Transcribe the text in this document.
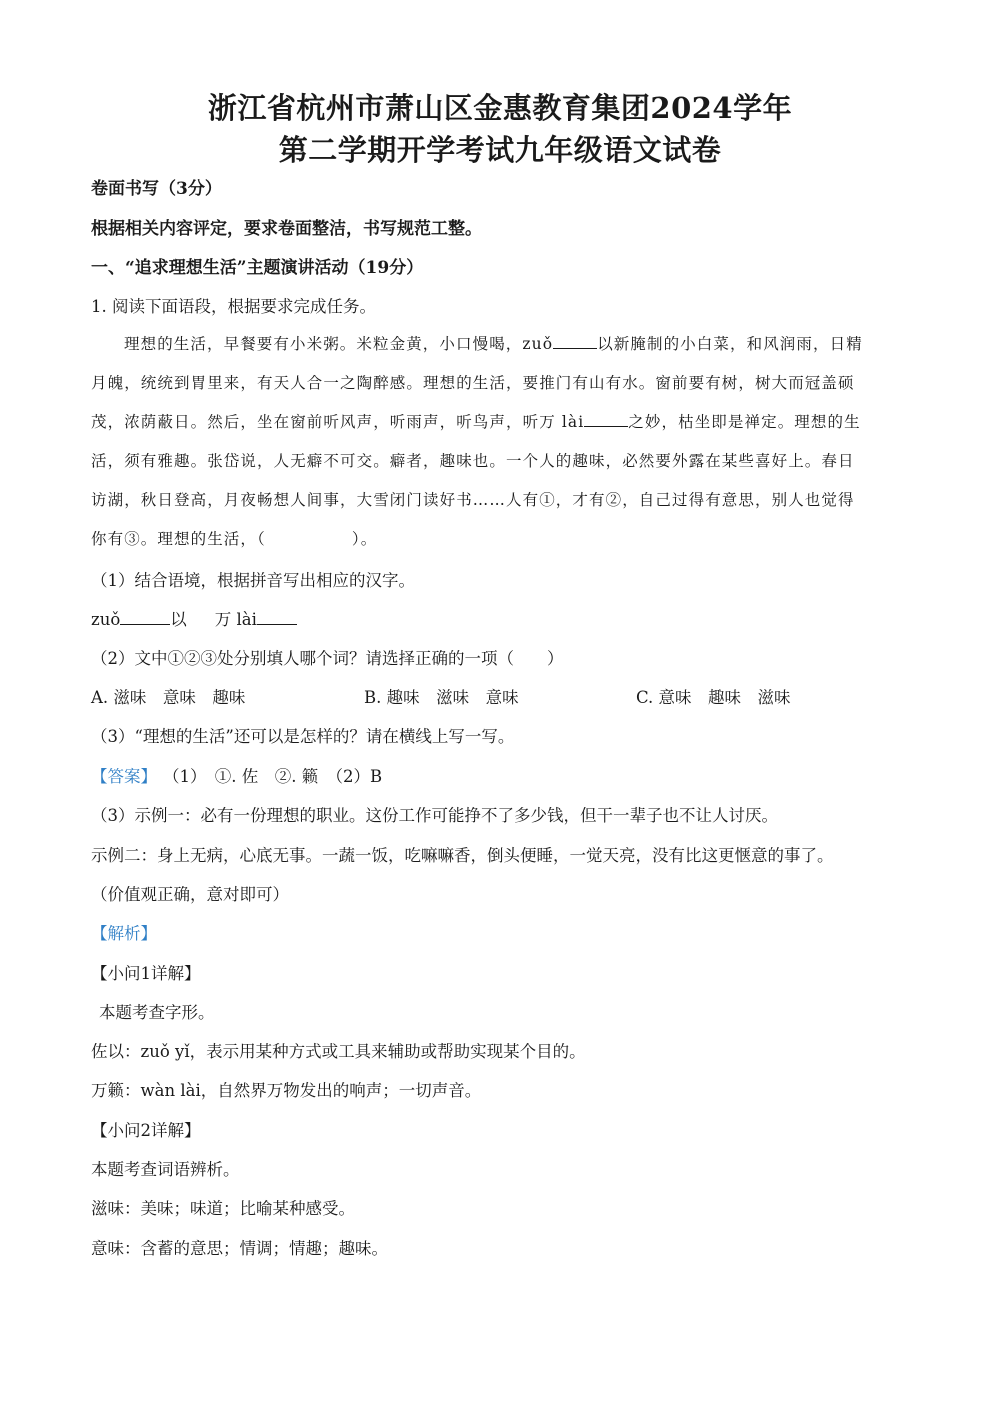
浙江省杭州市萧山区金惠教育集团2024学年
第二学期开学考试九年级语文试卷
卷面书写（3分）
根据相关内容评定，要求卷面整洁，书写规范工整。
一、“追求理想生活”主题演讲活动（19分）
1. 阅读下面语段，根据要求完成任务。
理想的生活，早餐要有小米粥。米粒金黄，小口慢喝，zuǒ	以新腌制的小白菜，和风润雨，日精
月魄，统统到胃里来，有天人合一之陶醉感。理想的生活，要推门有山有水。窗前要有树，树大而冠盖硕
茂，浓荫蔽日。然后，坐在窗前听风声，听雨声，听鸟声，听万 lài	之妙，枯坐即是禅定。理想的生
活，须有雅趣。张岱说，人无癖不可交。癖者，趣味也。一个人的趣味，必然要外露在某些喜好上。春日
访湖，秋日登高，月夜畅想人间事，大雪闭门读好书……人有①，才有②，自己过得有意思，别人也觉得
你有③。理想的生活，（	）。
（1）结合语境，根据拼音写出相应的汉字。
zuǒ	以 万 lài
（2）文中①②③处分别填人哪个词？请选择正确的一项（　　）
A. 滋味　意味　趣味	B. 趣味　滋味　意味	C. 意味　趣味　滋味
（3）“理想的生活”还可以是怎样的？请在横线上写一写。
【答案】 （1）　①. 佐　②. 籁　（2）B
（3）示例一：必有一份理想的职业。这份工作可能挣不了多少钱，但干一辈子也不让人讨厌。
示例二：身上无病，心底无事。一蔬一饭，吃嘛嘛香，倒头便睡，一觉天亮，没有比这更惬意的事了。
（价值观正确，意对即可）
【解析】
【小问1详解】
本题考查字形。
佐以：zuǒ yǐ，表示用某种方式或工具来辅助或帮助实现某个目的。
万籁：wàn lài，自然界万物发出的响声；一切声音。
【小问2详解】
本题考查词语辨析。
滋味：美味；味道；比喻某种感受。
意味：含蓄的意思；情调；情趣；趣味。
